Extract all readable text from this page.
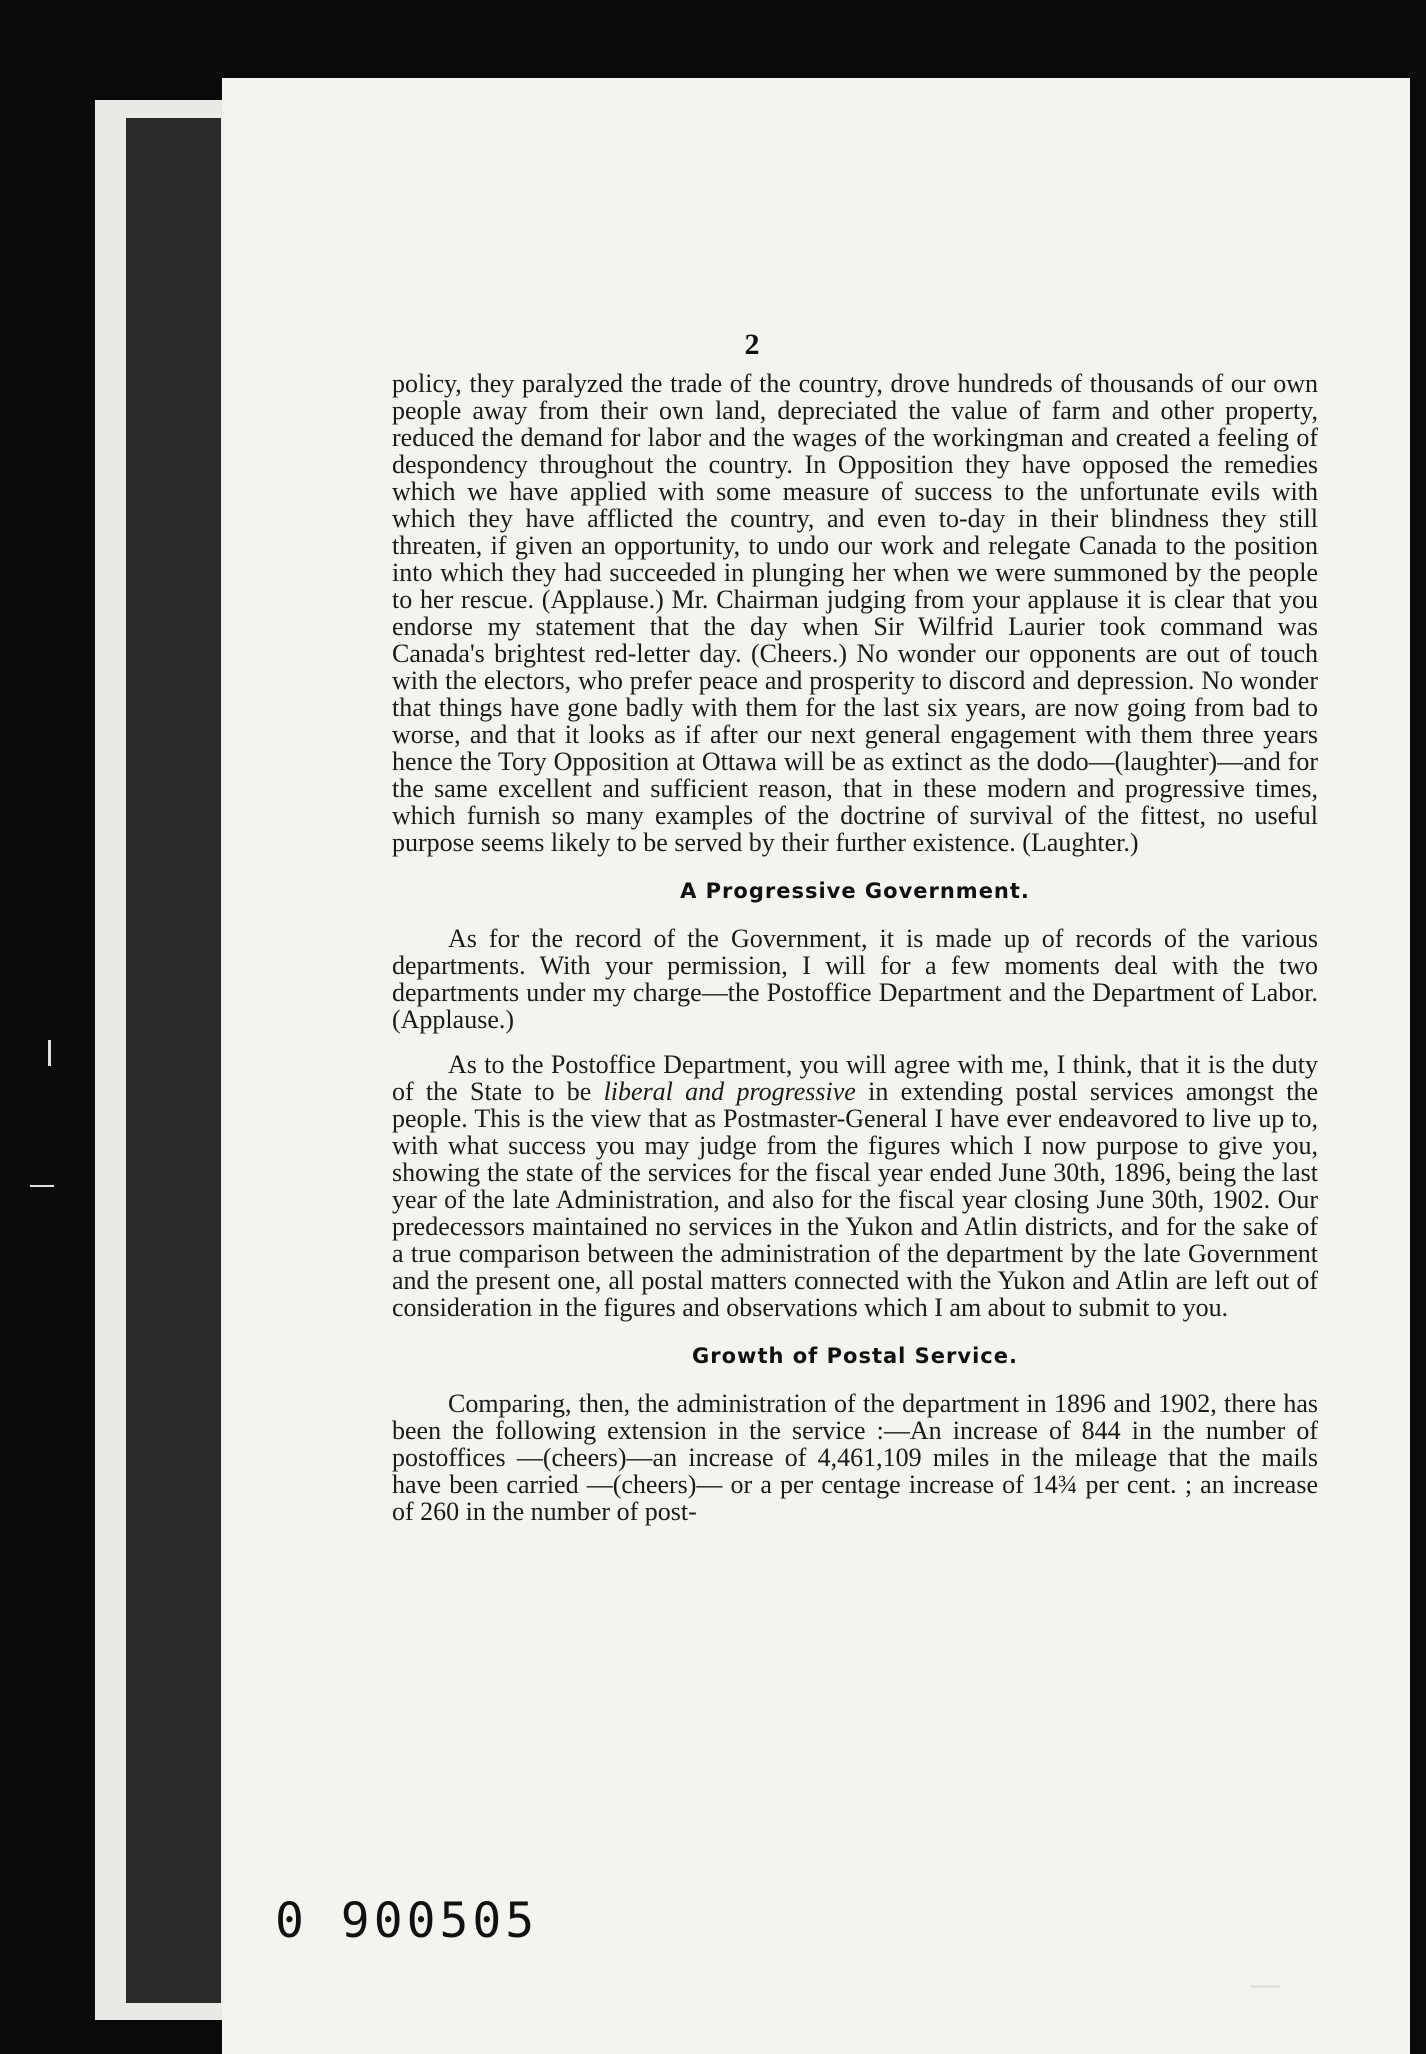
2

policy, they paralyzed the trade of the country, drove hundreds of thousands of our own people away from their own land, depreciated the value of farm and other property, reduced the demand for labor and the wages of the workingman and created a feeling of despondency throughout the country. In Opposition they have opposed the remedies which we have applied with some measure of success to the unfortunate evils with which they have afflicted the country, and even to-day in their blindness they still threaten, if given an opportunity, to undo our work and relegate Canada to the position into which they had succeeded in plunging her when we were summoned by the people to her rescue. (Applause.) Mr. Chairman judging from your applause it is clear that you endorse my statement that the day when Sir Wilfrid Laurier took command was Canada's brightest red-letter day. (Cheers.) No wonder our opponents are out of touch with the electors, who prefer peace and prosperity to discord and depression. No wonder that things have gone badly with them for the last six years, are now going from bad to worse, and that it looks as if after our next general engagement with them three years hence the Tory Opposition at Ottawa will be as extinct as the dodo—(laughter)—and for the same excellent and sufficient reason, that in these modern and progressive times, which furnish so many examples of the doctrine of survival of the fittest, no useful purpose seems likely to be served by their further existence. (Laughter.)

A Progressive Government.

As for the record of the Government, it is made up of records of the various departments. With your permission, I will for a few moments deal with the two departments under my charge—the Postoffice Department and the Department of Labor. (Applause.)

As to the Postoffice Department, you will agree with me, I think, that it is the duty of the State to be liberal and progressive in extending postal services amongst the people. This is the view that as Postmaster-General I have ever endeavored to live up to, with what success you may judge from the figures which I now purpose to give you, showing the state of the services for the fiscal year ended June 30th, 1896, being the last year of the late Administration, and also for the fiscal year closing June 30th, 1902. Our predecessors maintained no services in the Yukon and Atlin districts, and for the sake of a true comparison between the administration of the department by the late Government and the present one, all postal matters connected with the Yukon and Atlin are left out of consideration in the figures and observations which I am about to submit to you.

Growth of Postal Service.

Comparing, then, the administration of the department in 1896 and 1902, there has been the following extension in the service :—An increase of 844 in the number of postoffices —(cheers)—an increase of 4,461,109 miles in the mileage that the mails have been carried —(cheers)— or a per centage increase of 14¾ per cent. ; an increase of 260 in the number of post-

0 900505
